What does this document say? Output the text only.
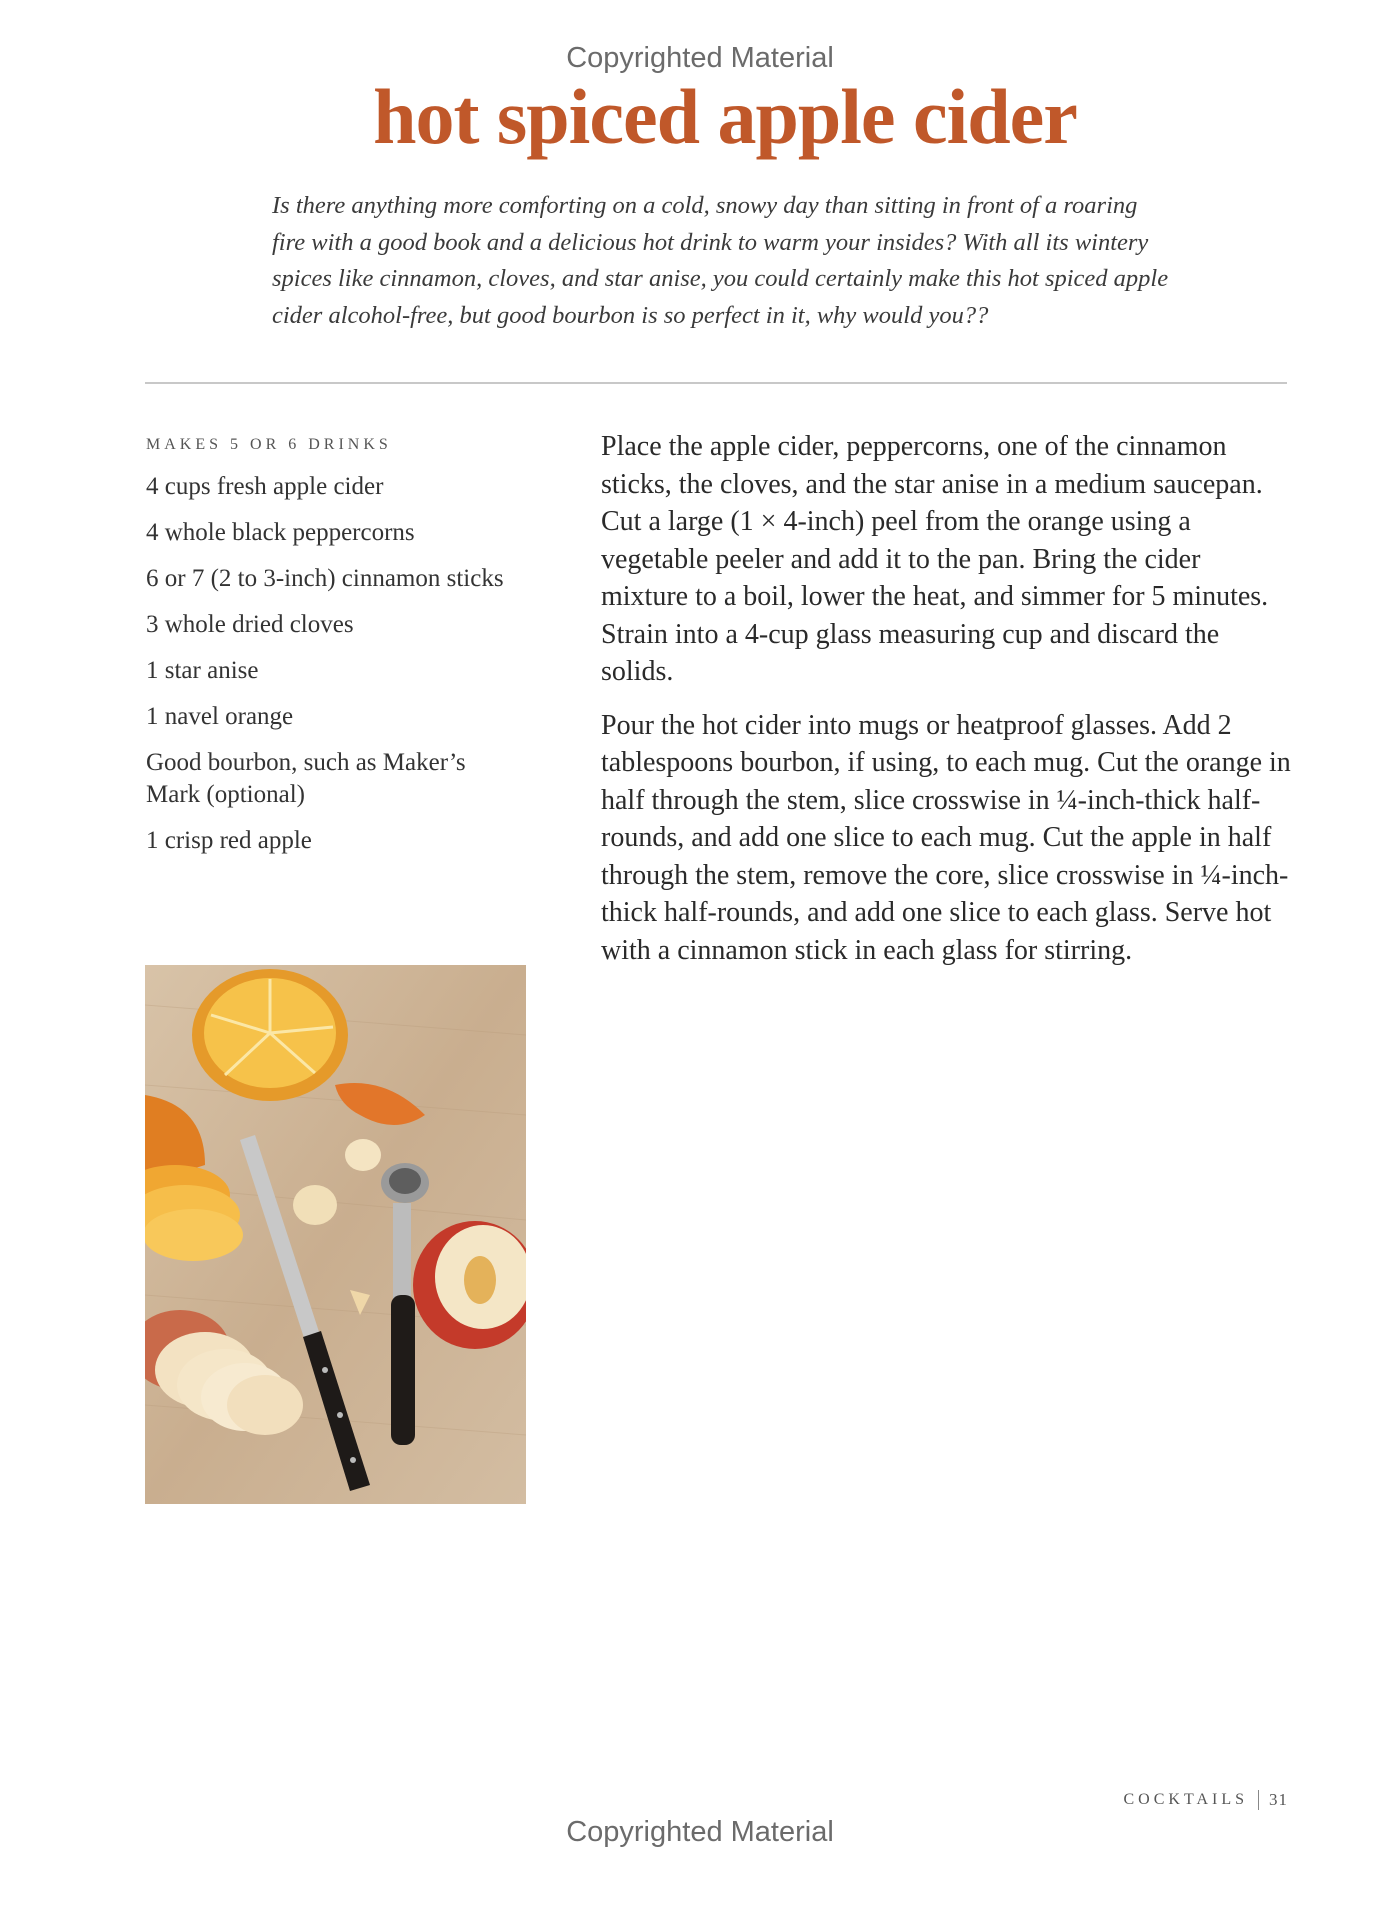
Copyrighted Material
hot spiced apple cider

Is there anything more comforting on a cold, snowy day than sitting in front of a roaring fire with a good book and a delicious hot drink to warm your insides? With all its wintery spices like cinnamon, cloves, and star anise, you could certainly make this hot spiced apple cider alcohol-free, but good bourbon is so perfect in it, why would you??

MAKES 5 OR 6 DRINKS
4 cups fresh apple cider
4 whole black peppercorns
6 or 7 (2 to 3-inch) cinnamon sticks
3 whole dried cloves
1 star anise
1 navel orange
Good bourbon, such as Maker’s Mark (optional)
1 crisp red apple

Place the apple cider, peppercorns, one of the cinnamon sticks, the cloves, and the star anise in a medium saucepan. Cut a large (1 × 4-inch) peel from the orange using a vegetable peeler and add it to the pan. Bring the cider mixture to a boil, lower the heat, and simmer for 5 minutes. Strain into a 4-cup glass measuring cup and discard the solids.

Pour the hot cider into mugs or heatproof glasses. Add 2 tablespoons bourbon, if using, to each mug. Cut the orange in half through the stem, slice crosswise in ¼-inch-thick half-rounds, and add one slice to each mug. Cut the apple in half through the stem, remove the core, slice crosswise in ¼-inch-thick half-rounds, and add one slice to each glass. Serve hot with a cinnamon stick in each glass for stirring.

COCKTAILS 31
Copyrighted Material
